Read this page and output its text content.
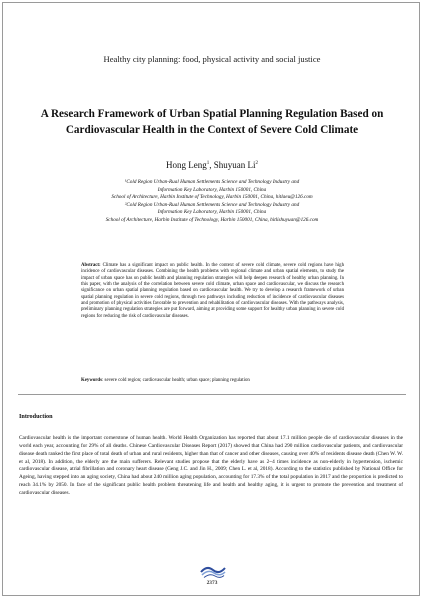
Healthy city planning: food, physical activity and social justice
A Research Framework of Urban Spatial Planning Regulation Based on Cardiovascular Health in the Context of Severe Cold Climate
Hong Leng$^1$, Shuyuan Li$^2$
¹Cold Region Urban-Rual Human Settlements Science and Technology Industry and
Information Key Laboratory, Harbin 150001, China
School of Architecture, Harbin Institute of Technology, Harbin 150001, China, hitlaeu@126.com
²Cold Region Urban-Rual Human Settlements Science and Technology Industry and
Information Key Laboratory, Harbin 150001, China
School of Architecture, Harbin Institute of Technology, Harbin 150001, China, hitlishuyuan@126.com
Abstract: Climate has a significant impact on public health. In the context of severe cold climate, severe cold regions have high incidence of cardiovascular diseases. Combining the health problems with regional climate and urban spatial elements, to study the impact of urban space has on public health and planning regulation strategies will help deepen research of healthy urban planning. In this paper, with the analysis of the correlation between severe cold climate, urban space and cardiovascular, we discuss the research significance on urban spatial planning regulation based on cardiovascular health. We try to develop a research framework of urban spatial planning regulation in severe cold regions, through two pathways including reduction of incidence of cardiovascular diseases and promotion of physical activities favorable to prevention and rehabilitation of cardiovascular diseases. With the pathways analysis, preliminary planning regulation strategies are put forward, aiming at providing some support for healthy urban planning in severe cold regions for reducing the risk of cardiovascular diseases.
Keywords: severe cold region; cardiovascular health; urban space; planning regulation
Introduction
Cardiovascular health is the important cornerstone of human health. World Health Organization has reported that about 17.1 million people die of cardiovascular diseases in the world each year, accounting for 29% of all deaths. Chinese Cardiovascular Diseases Report (2017) showed that China had 290 million cardiovascular patients, and cardiovascular disease death ranked the first place of total death of urban and rural residents, higher than that of cancer and other diseases, causing over 40% of residents disease death (Chen W. W. et al, 2018). In addition, the elderly are the main sufferers. Relevant studies propose that the elderly have as 2~4 times incidence as non-elderly in hypertension, ischemic cardiovascular disease, atrial fibrillation and coronary heart disease (Geng J.C. and Jin H., 2009; Chen L. et al, 2018). According to the statistics published by National Office for Ageing, having stepped into an aging society, China had about 240 million aging population, accounting for 17.3% of the total population in 2017 and the proportion is predicted to reach 34.1% by 2050. In face of the significant public health problem threatening life and health and healthy aging, it is urgent to promote the prevention and treatment of cardiovascular diseases.
2373
